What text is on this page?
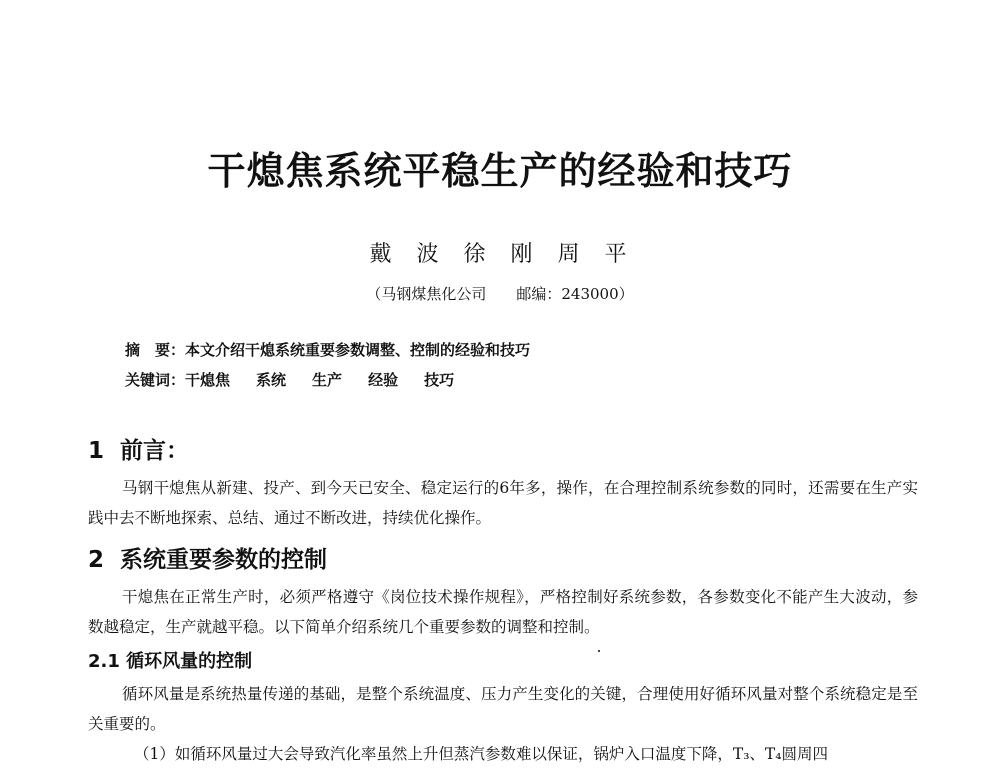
干熄焦系统平稳生产的经验和技巧
戴 波 徐 刚 周 平
（马钢煤焦化公司　　邮编：243000）
摘　要：本文介绍干熄系统重要参数调整、控制的经验和技巧
关键词：干熄焦 系统 生产 经验 技巧
1 前言：
马钢干熄焦从新建、投产、到今天已安全、稳定运行的6年多，操作，在合理控制系统参数的同时，还需要在生产实践中去不断地探索、总结、通过不断改进，持续优化操作。
2 系统重要参数的控制
干熄焦在正常生产时，必须严格遵守《岗位技术操作规程》，严格控制好系统参数，各参数变化不能产生大波动，参数越稳定，生产就越平稳。以下简单介绍系统几个重要参数的调整和控制。
2.1 循环风量的控制
循环风量是系统热量传递的基础，是整个系统温度、压力产生变化的关键，合理使用好循环风量对整个系统稳定是至关重要的。
（1）如循环风量过大会导致汽化率虽然上升但蒸汽参数难以保证，锅炉入口温度下降，T₃、T₄圆周四
